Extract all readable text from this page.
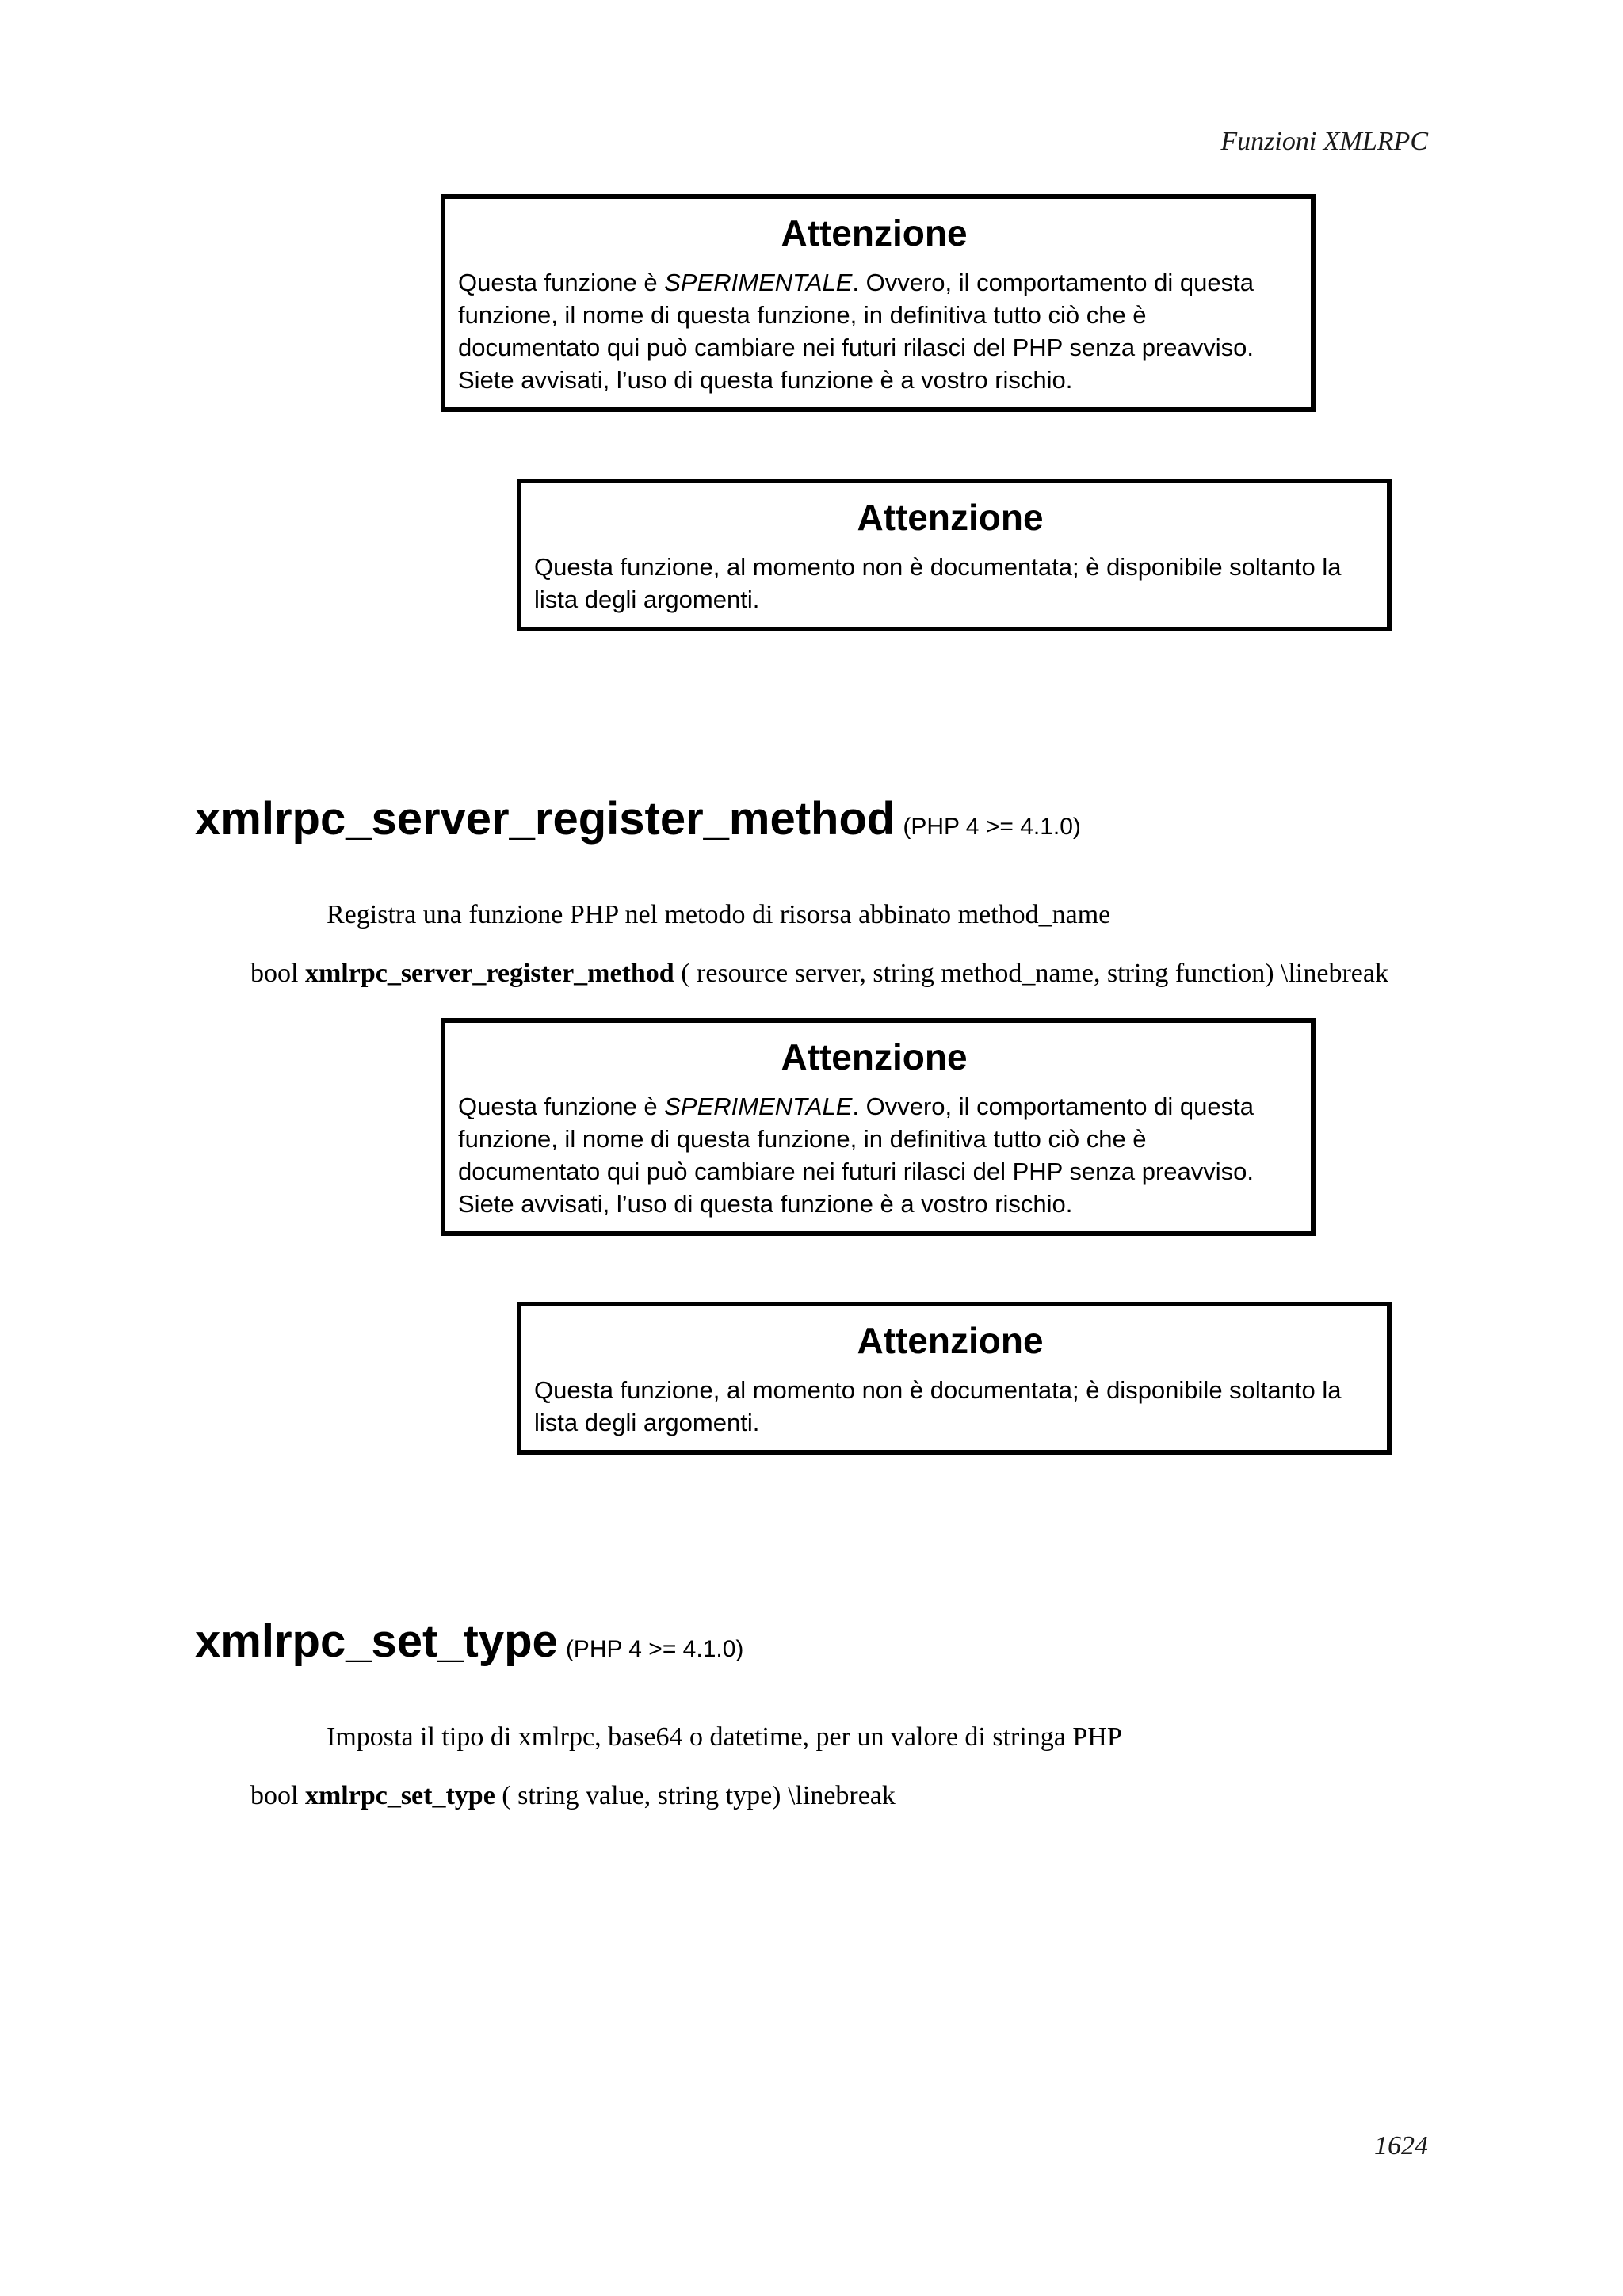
Funzioni XMLRPC
Attenzione
Questa funzione è SPERIMENTALE. Ovvero, il comportamento di questa funzione, il nome di questa funzione, in definitiva tutto ciò che è documentato qui può cambiare nei futuri rilasci del PHP senza preavviso. Siete avvisati, l’uso di questa funzione è a vostro rischio.
Attenzione
Questa funzione, al momento non è documentata; è disponibile soltanto la lista degli argomenti.
xmlrpc_server_register_method (PHP 4 >= 4.1.0)
Registra una funzione PHP nel metodo di risorsa abbinato method_name
bool xmlrpc_server_register_method ( resource server, string method_name, string function) \linebreak
Attenzione
Questa funzione è SPERIMENTALE. Ovvero, il comportamento di questa funzione, il nome di questa funzione, in definitiva tutto ciò che è documentato qui può cambiare nei futuri rilasci del PHP senza preavviso. Siete avvisati, l’uso di questa funzione è a vostro rischio.
Attenzione
Questa funzione, al momento non è documentata; è disponibile soltanto la lista degli argomenti.
xmlrpc_set_type (PHP 4 >= 4.1.0)
Imposta il tipo di xmlrpc, base64 o datetime, per un valore di stringa PHP
bool xmlrpc_set_type ( string value, string type) \linebreak
1624
